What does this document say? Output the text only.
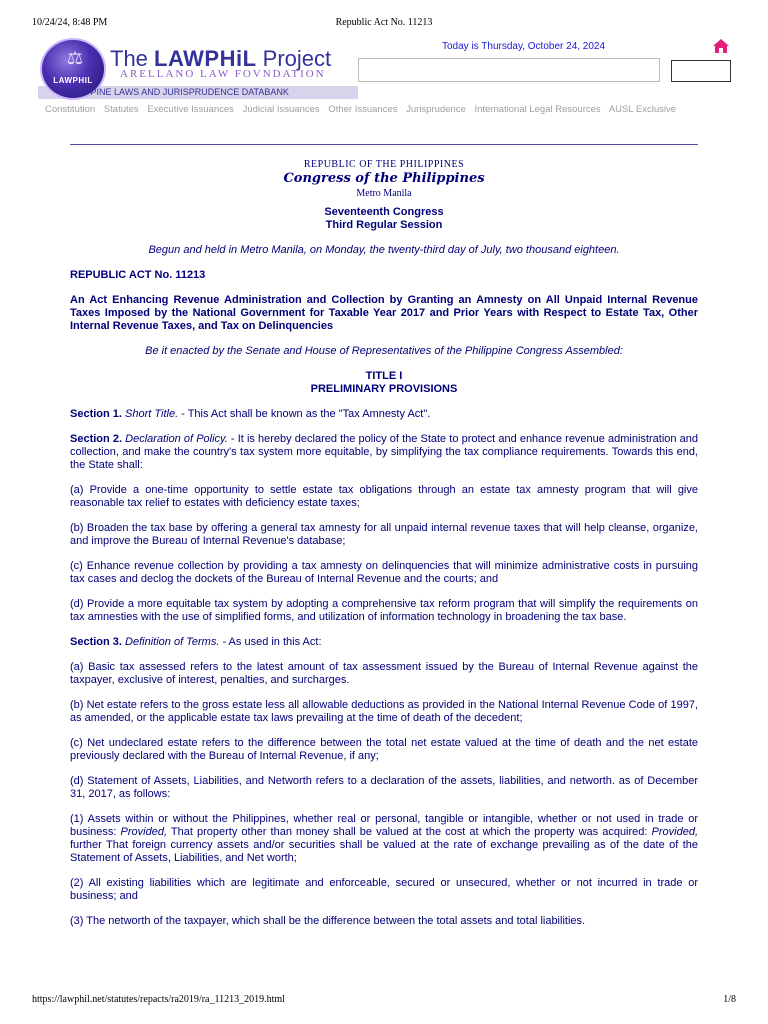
10/24/24, 8:48 PM	Republic Act No. 11213
⚖
LAWPHIL
The LAWPHiL Project
ARELLANO LAW FOVNDATION
PHILIPPINE LAWS AND JURISPRUDENCE DATABANK
Today is Thursday, October 24, 2024
Constitution Statutes Executive Issuances Judicial Issuances Other Issuances Jurisprudence International Legal Resources AUSL Exclusive

REPUBLIC OF THE PHILIPPINES

Congress of the Philippines

Metro Manila

Seventeenth Congress

Third Regular Session

Begun and held in Metro Manila, on Monday, the twenty-third day of July, two thousand eighteen.

REPUBLIC ACT No. 11213

An Act Enhancing Revenue Administration and Collection by Granting an Amnesty on All Unpaid Internal Revenue Taxes Imposed by the National Government for Taxable Year 2017 and Prior Years with Respect to Estate Tax, Other Internal Revenue Taxes, and Tax on Delinquencies

Be it enacted by the Senate and House of Representatives of the Philippine Congress Assembled:

TITLE I

PRELIMINARY PROVISIONS

Section 1. Short Title. - This Act shall be known as the "Tax Amnesty Act".

Section 2. Declaration of Policy. - It is hereby declared the policy of the State to protect and enhance revenue administration and collection, and make the country's tax system more equitable, by simplifying the tax compliance requirements. Towards this end, the State shall:

(a) Provide a one-time opportunity to settle estate tax obligations through an estate tax amnesty program that will give reasonable tax relief to estates with deficiency estate taxes;

(b) Broaden the tax base by offering a general tax amnesty for all unpaid internal revenue taxes that will help cleanse, organize, and improve the Bureau of Internal Revenue's database;

(c) Enhance revenue collection by providing a tax amnesty on delinquencies that will minimize administrative costs in pursuing tax cases and declog the dockets of the Bureau of Internal Revenue and the courts; and

(d) Provide a more equitable tax system by adopting a comprehensive tax reform program that will simplify the requirements on tax amnesties with the use of simplified forms, and utilization of information technology in broadening the tax base.

Section 3. Definition of Terms. - As used in this Act:

(a) Basic tax assessed refers to the latest amount of tax assessment issued by the Bureau of Internal Revenue against the taxpayer, exclusive of interest, penalties, and surcharges.

(b) Net estate refers to the gross estate less all allowable deductions as provided in the National Internal Revenue Code of 1997, as amended, or the applicable estate tax laws prevailing at the time of death of the decedent;

(c) Net undeclared estate refers to the difference between the total net estate valued at the time of death and the net estate previously declared with the Bureau of Internal Revenue, if any;

(d) Statement of Assets, Liabilities, and Networth refers to a declaration of the assets, liabilities, and networth. as of December 31, 2017, as follows:

(1) Assets within or without the Philippines, whether real or personal, tangible or intangible, whether or not used in trade or business: Provided, That property other than money shall be valued at the cost at which the property was acquired: Provided, further That foreign currency assets and/or securities shall be valued at the rate of exchange prevailing as of the date of the Statement of Assets, Liabilities, and Net worth;

(2) All existing liabilities which are legitimate and enforceable, secured or unsecured, whether or not incurred in trade or business; and

(3) The networth of the taxpayer, which shall be the difference between the total assets and total liabilities.

https://lawphil.net/statutes/repacts/ra2019/ra_11213_2019.html	1/8
